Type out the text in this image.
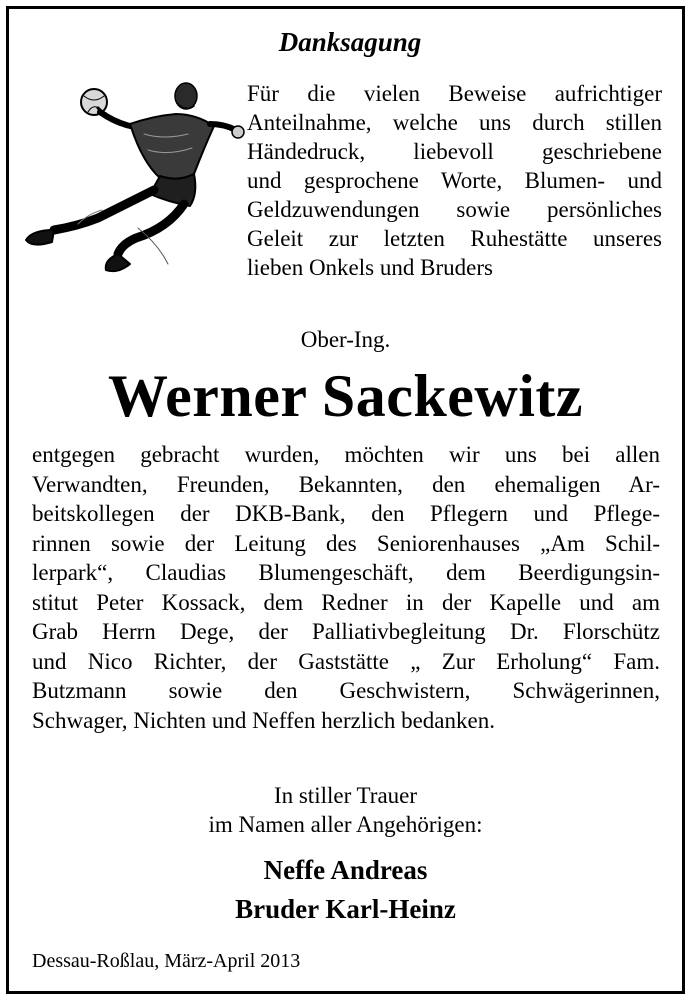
Danksagung
Für die vielen Beweise aufrichtiger
Anteilnahme, welche uns durch stillen
Händedruck, liebevoll geschriebene
und gesprochene Worte, Blumen- und
Geldzuwendungen sowie persönliches
Geleit zur letzten Ruhestätte unseres
lieben Onkels und Bruders
Ober-Ing.
Werner Sackewitz
entgegen gebracht wurden, möchten wir uns bei allen
Verwandten, Freunden, Bekannten, den ehemaligen Ar-
beitskollegen der DKB-Bank, den Pflegern und Pflege-
rinnen sowie der Leitung des Seniorenhauses „Am Schil-
lerpark“, Claudias Blumengeschäft, dem Beerdigungsin-
stitut Peter Kossack, dem Redner in der Kapelle und am
Grab Herrn Dege, der Palliativbegleitung Dr. Florschütz
und Nico Richter, der Gaststätte „ Zur Erholung“ Fam.
Butzmann sowie den Geschwistern, Schwägerinnen,
Schwager, Nichten und Neffen herzlich bedanken.
In stiller Trauer
im Namen aller Angehörigen:
Neffe Andreas
Bruder Karl-Heinz
Dessau-Roßlau, März-April 2013
